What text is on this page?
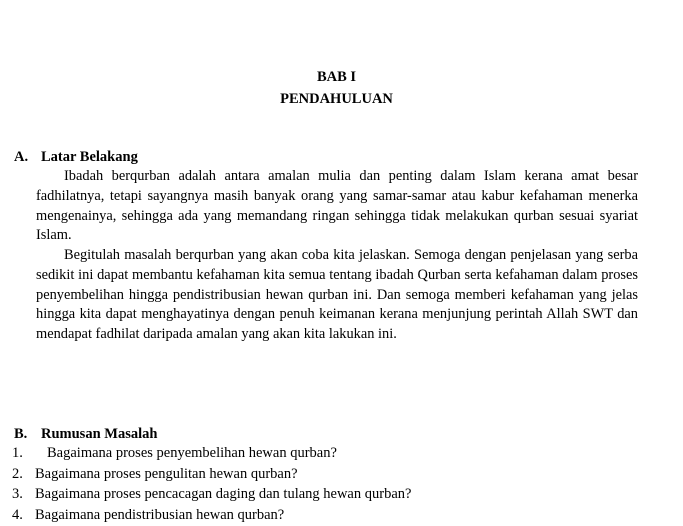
BAB I
PENDAHULUAN
A. Latar Belakang

Ibadah berqurban adalah antara amalan mulia dan penting dalam Islam kerana amat besar fadhilatnya, tetapi sayangnya masih banyak orang yang samar-samar atau kabur kefahaman menerka mengenainya, sehingga ada yang memandang ringan sehingga tidak melakukan qurban sesuai syariat Islam.

Begitulah masalah berqurban yang akan coba kita jelaskan. Semoga dengan penjelasan yang serba sedikit ini dapat membantu kefahaman kita semua tentang ibadah Qurban serta kefahaman dalam proses penyembelihan hingga pendistribusian hewan qurban ini. Dan semoga memberi kefahaman yang jelas hingga kita dapat menghayatinya dengan penuh keimanan kerana menjunjung perintah Allah SWT dan mendapat fadhilat daripada amalan yang akan kita lakukan ini.

B. Rumusan Masalah
1. Bagaimana proses penyembelihan hewan qurban?
2. Bagaimana proses pengulitan hewan qurban?
3. Bagaimana proses pencacagan daging dan tulang hewan qurban?
4. Bagaimana pendistribusian hewan qurban?
